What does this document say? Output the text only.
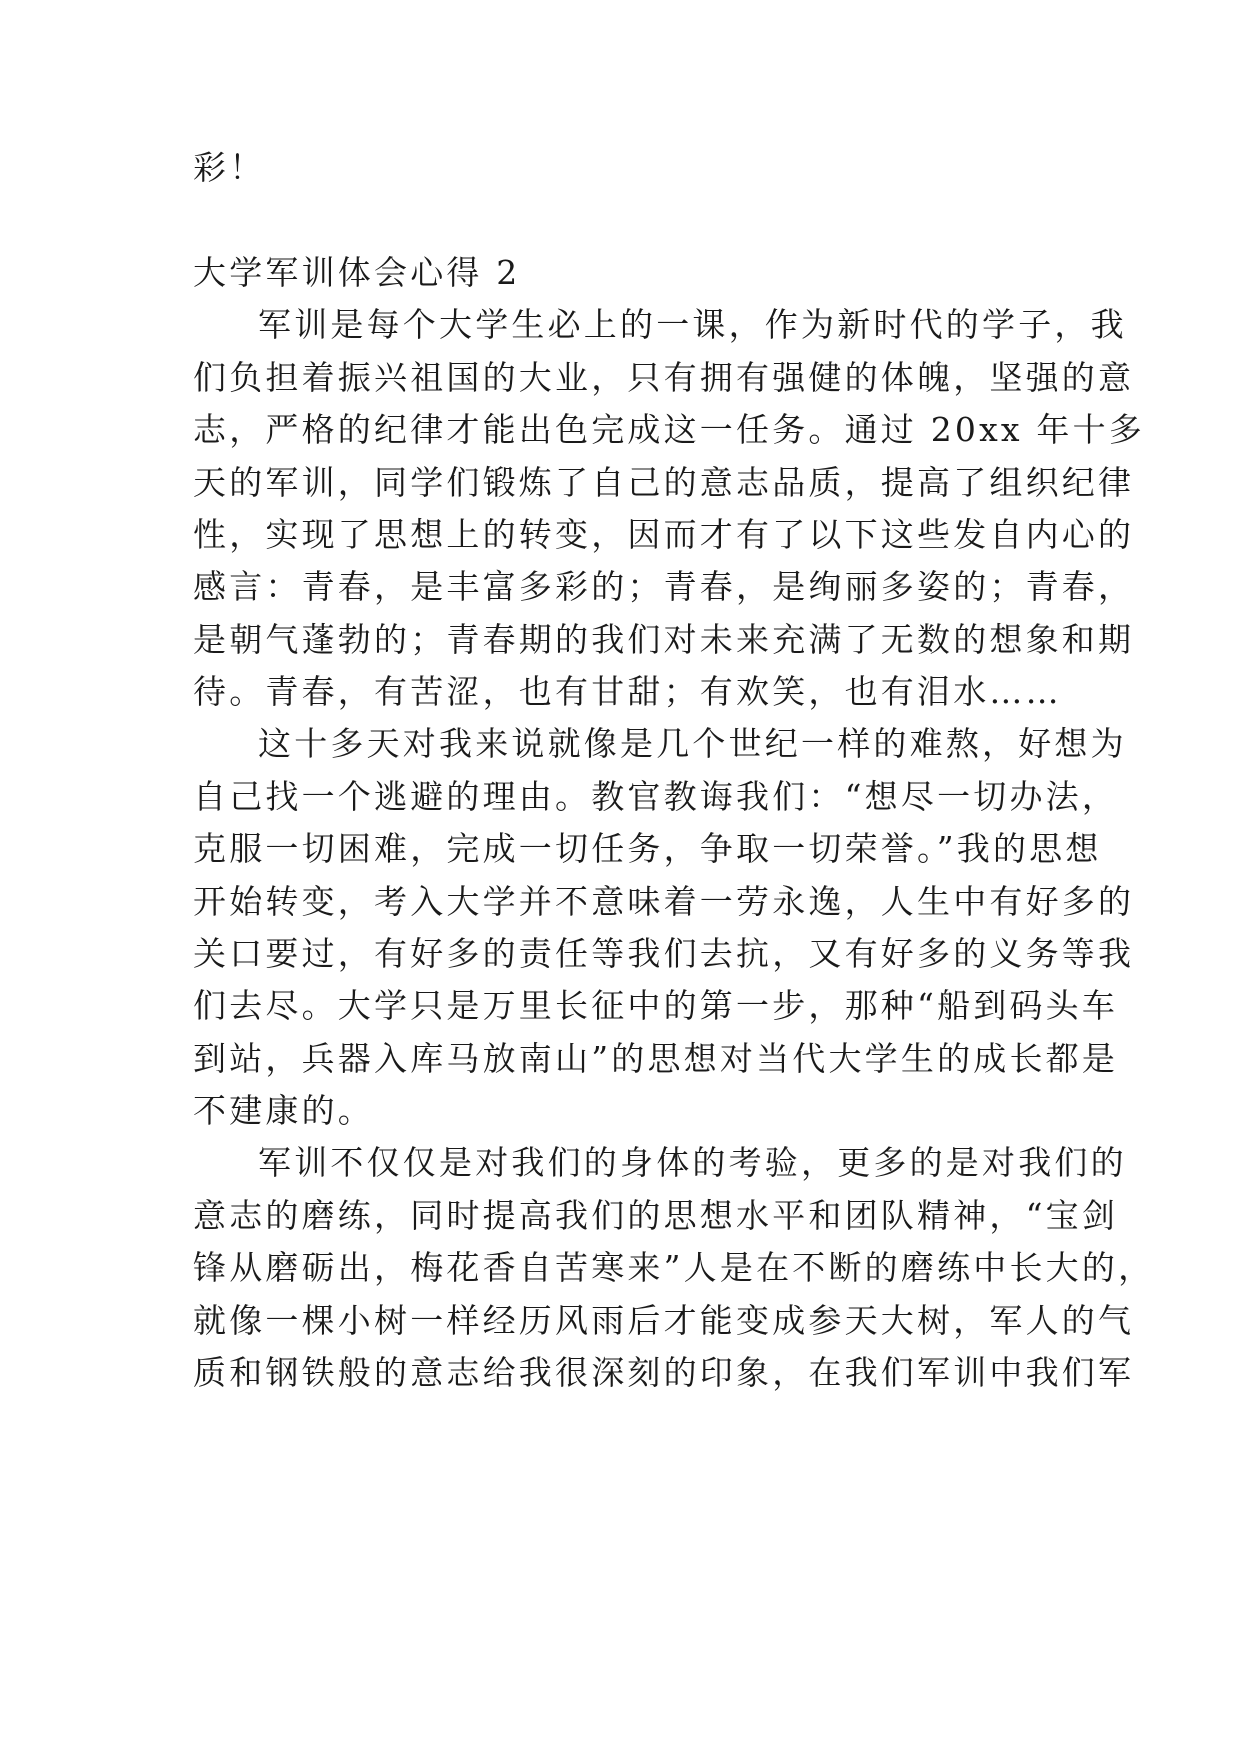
彩！
大学军训体会心得 2
军训是每个大学生必上的一课，作为新时代的学子，我
们负担着振兴祖国的大业，只有拥有强健的体魄，坚强的意
志，严格的纪律才能出色完成这一任务。通过 20xx 年十多
天的军训，同学们锻炼了自己的意志品质，提高了组织纪律
性，实现了思想上的转变，因而才有了以下这些发自内心的
感言：青春，是丰富多彩的；青春，是绚丽多姿的；青春，
是朝气蓬勃的；青春期的我们对未来充满了无数的想象和期
待。青春，有苦涩，也有甘甜；有欢笑，也有泪水……
这十多天对我来说就像是几个世纪一样的难熬，好想为
自己找一个逃避的理由。教官教诲我们：“想尽一切办法，
克服一切困难，完成一切任务，争取一切荣誉。”我的思想
开始转变，考入大学并不意味着一劳永逸，人生中有好多的
关口要过，有好多的责任等我们去抗，又有好多的义务等我
们去尽。大学只是万里长征中的第一步，那种“船到码头车
到站，兵器入库马放南山”的思想对当代大学生的成长都是
不建康的。
军训不仅仅是对我们的身体的考验，更多的是对我们的
意志的磨练，同时提高我们的思想水平和团队精神，“宝剑
锋从磨砺出，梅花香自苦寒来”人是在不断的磨练中长大的，
就像一棵小树一样经历风雨后才能变成参天大树，军人的气
质和钢铁般的意志给我很深刻的印象，在我们军训中我们军
